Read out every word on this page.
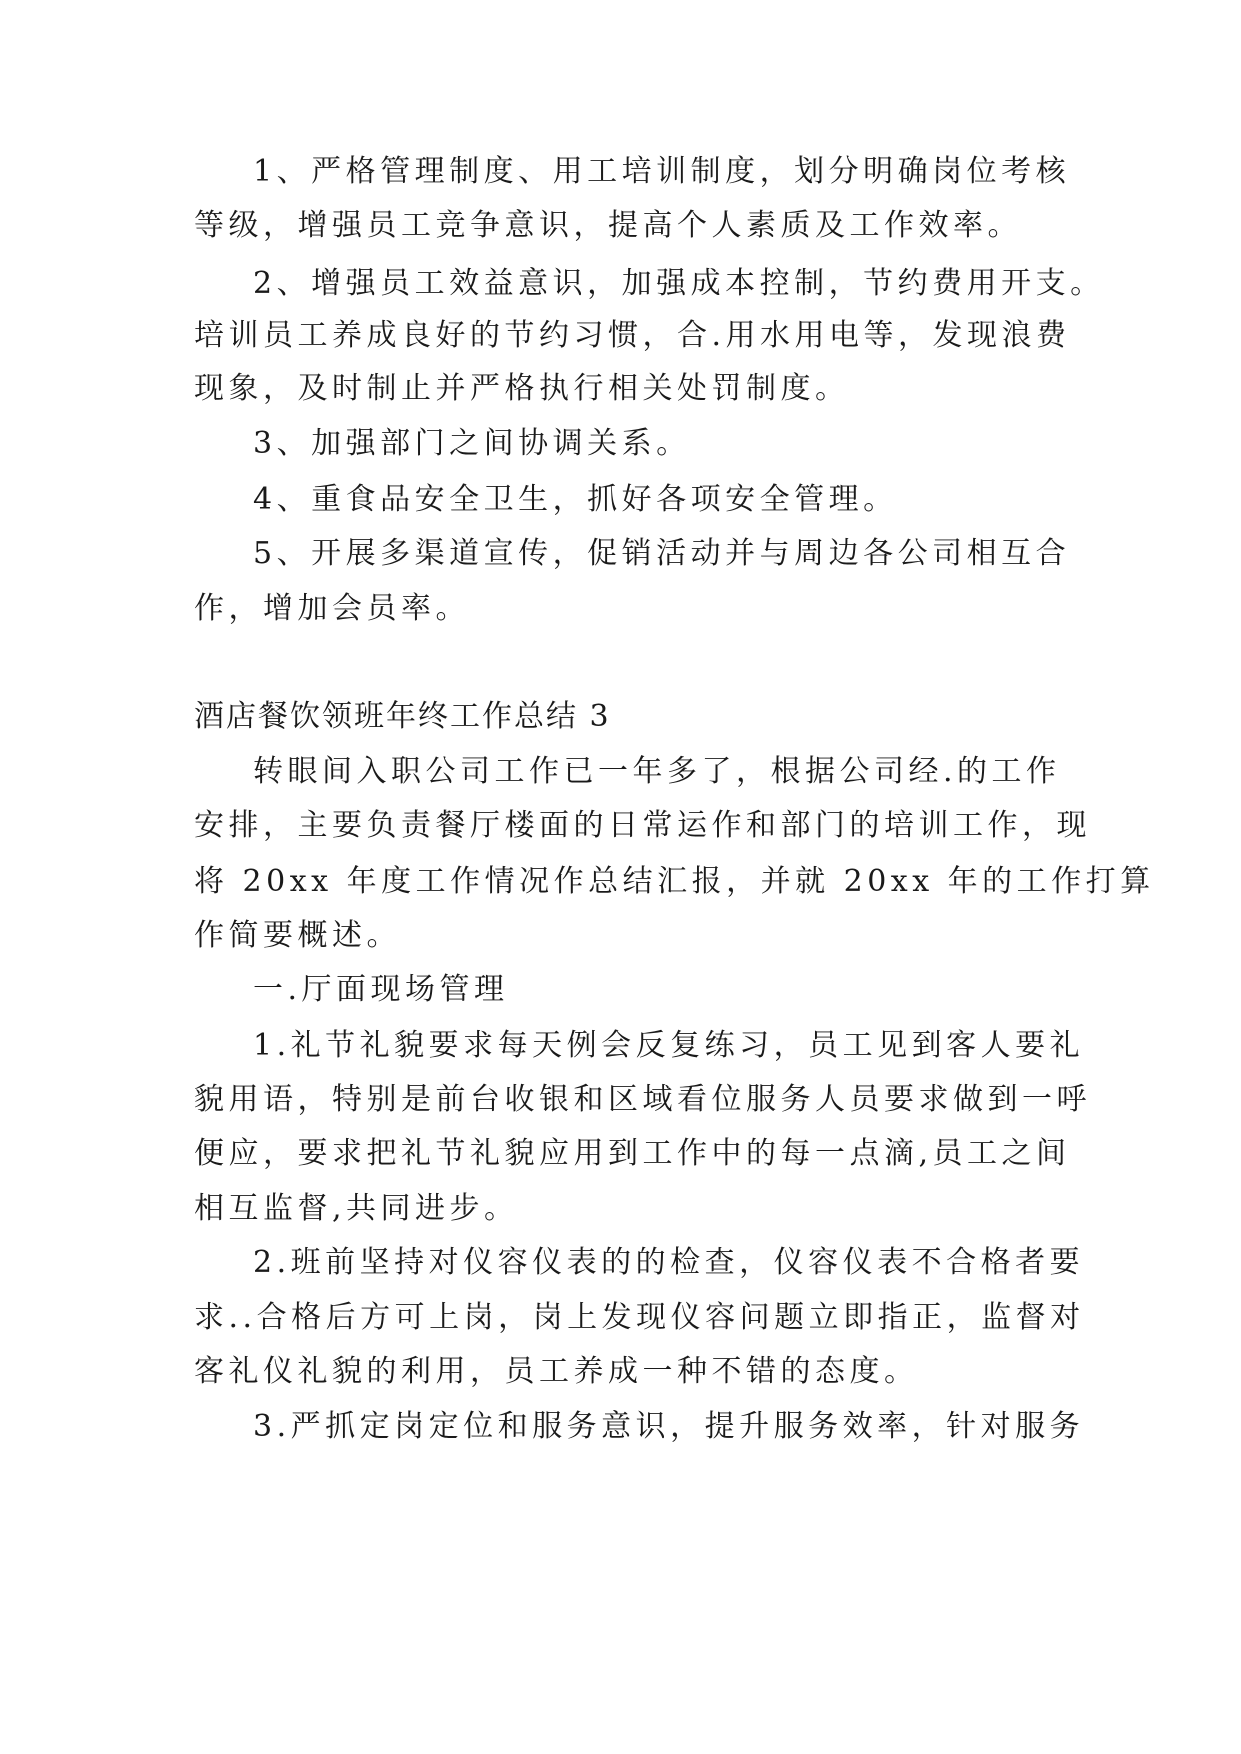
1、严格管理制度、用工培训制度，划分明确岗位考核
等级，增强员工竞争意识，提高个人素质及工作效率。
2、增强员工效益意识，加强成本控制，节约费用开支。
培训员工养成良好的节约习惯，合.用水用电等，发现浪费
现象，及时制止并严格执行相关处罚制度。
3、加强部门之间协调关系。
4、重食品安全卫生，抓好各项安全管理。
5、开展多渠道宣传，促销活动并与周边各公司相互合
作，增加会员率。
酒店餐饮领班年终工作总结 3
转眼间入职公司工作已一年多了，根据公司经.的工作
安排，主要负责餐厅楼面的日常运作和部门的培训工作，现
将 20xx 年度工作情况作总结汇报，并就 20xx 年的工作打算
作简要概述。
一.厅面现场管理
1.礼节礼貌要求每天例会反复练习，员工见到客人要礼
貌用语，特别是前台收银和区域看位服务人员要求做到一呼
便应，要求把礼节礼貌应用到工作中的每一点滴,员工之间
相互监督,共同进步。
2.班前坚持对仪容仪表的的检查，仪容仪表不合格者要
求..合格后方可上岗，岗上发现仪容问题立即指正，监督对
客礼仪礼貌的利用，员工养成一种不错的态度。
3.严抓定岗定位和服务意识，提升服务效率，针对服务
